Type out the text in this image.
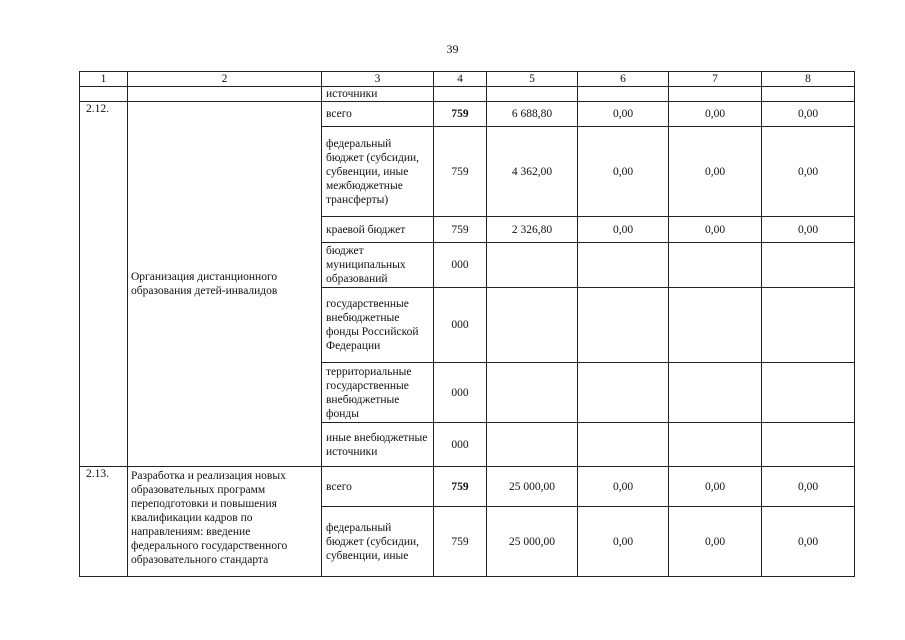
39
1	2	3	4	5	6	7	8
		источники					
2.12.	Организация дистанционного образования детей-инвалидов	всего	759	6 688,80	0,00	0,00	0,00
		федеральный бюджет (субсидии, субвенции, иные межбюджетные трансферты)	759	4 362,00	0,00	0,00	0,00
		краевой бюджет	759	2 326,80	0,00	0,00	0,00
		бюджет муниципальных образований	000				
		государственные внебюджетные фонды Российской Федерации	000				
		территориальные государственные внебюджетные фонды	000				
		иные внебюджетные источники	000				
2.13.	Разработка и реализация новых образовательных программ переподготовки и повышения квалификации кадров по направлениям: введение федерального государственного образовательного стандарта	всего	759	25 000,00	0,00	0,00	0,00
		федеральный бюджет (субсидии, субвенции, иные	759	25 000,00	0,00	0,00	0,00
